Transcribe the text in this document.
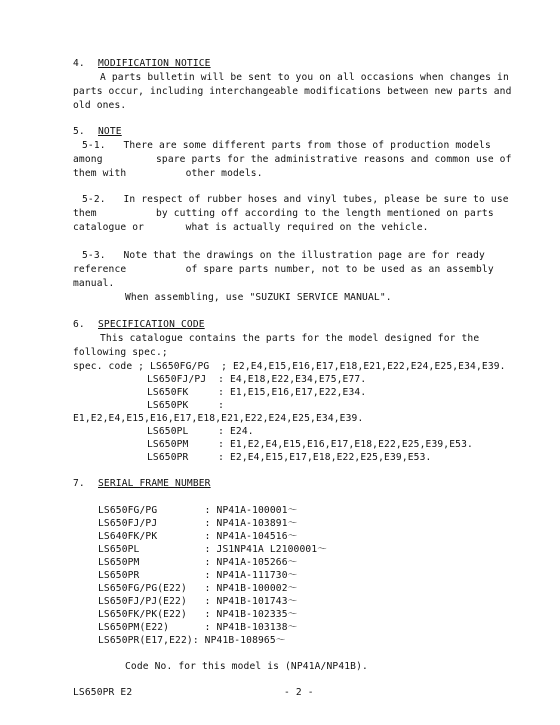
4. MODIFICATION NOTICE
A parts bulletin will be sent to you on all occasions when changes in
parts occur, including interchangeable modifications between new parts and
old ones.
5. NOTE
5-1.   There are some different parts from those of production models
among         spare parts for the administrative reasons and common use of
them with          other models.
5-2.   In respect of rubber hoses and vinyl tubes, please be sure to use
them          by cutting off according to the length mentioned on parts
catalogue or       what is actually required on the vehicle.
5-3.   Note that the drawings on the illustration page are for ready
reference          of spare parts number, not to be used as an assembly
manual.
When assembling, use "SUZUKI SERVICE MANUAL".
6. SPECIFICATION CODE
This catalogue contains the parts for the model designed for the
following spec.;
spec. code ; LS650FG/PG  ; E2,E4,E15,E16,E17,E18,E21,E22,E24,E25,E34,E39.
LS650FJ/PJ  : E4,E18,E22,E34,E75,E77.
LS650FK     : E1,E15,E16,E17,E22,E34.
LS650PK     :
E1,E2,E4,E15,E16,E17,E18,E21,E22,E24,E25,E34,E39.
LS650PL     : E24.
LS650PM     : E1,E2,E4,E15,E16,E17,E18,E22,E25,E39,E53.
LS650PR     : E2,E4,E15,E17,E18,E22,E25,E39,E53.
7. SERIAL FRAME NUMBER
LS650FG/PG        : NP41A-100001～
LS650FJ/PJ        : NP41A-103891～
LS640FK/PK        : NP41A-104516～
LS650PL           : JS1NP41A L2100001～
LS650PM           : NP41A-105266～
LS650PR           : NP41A-111730～
LS650FG/PG(E22)   : NP41B-100002～
LS650FJ/PJ(E22)   : NP41B-101743～
LS650FK/PK(E22)   : NP41B-102335～
LS650PM(E22)      : NP41B-103138～
LS650PR(E17,E22): NP41B-108965～
Code No. for this model is (NP41A/NP41B).
LS650PR E2	- 2 -
